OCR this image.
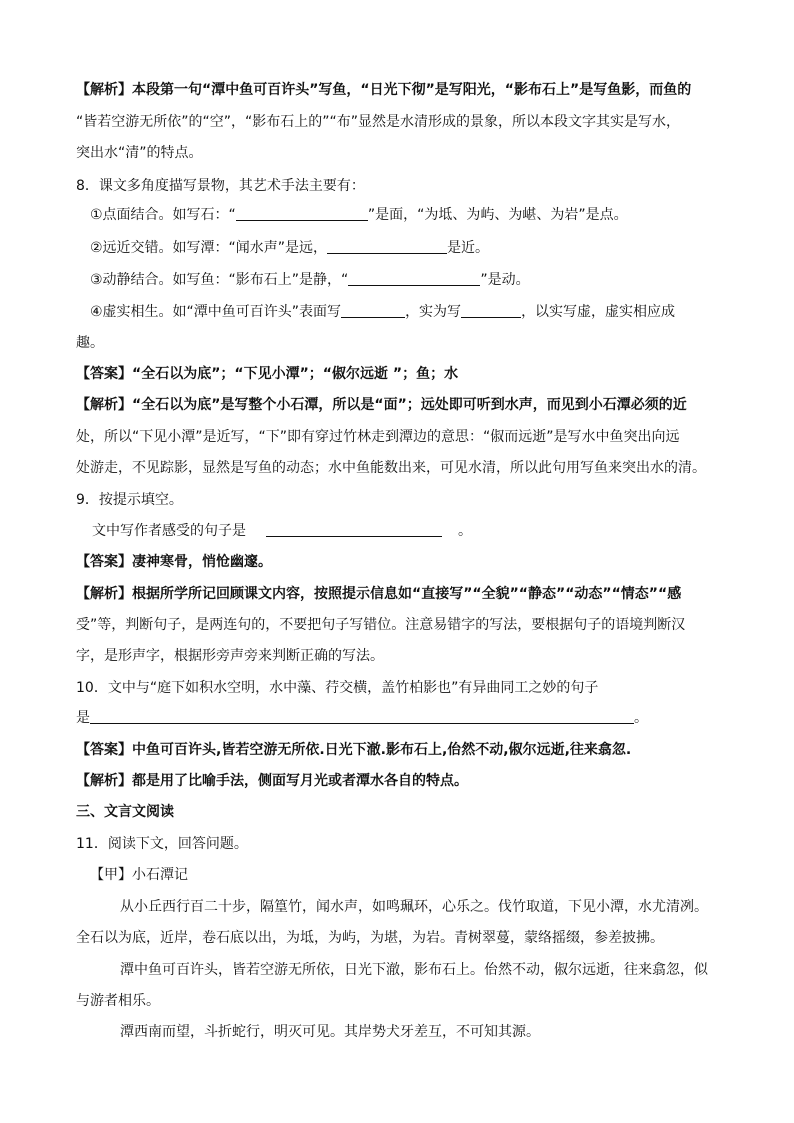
【解析】本段第一句“潭中鱼可百许头”写鱼，“日光下彻”是写阳光，“影布石上”是写鱼影，而鱼的
“皆若空游无所依”的“空”，“影布石上的”“布”显然是水清形成的景象，所以本段文字其实是写水，
突出水“清”的特点。
8．课文多角度描写景物，其艺术手法主要有：
①点面结合。如写石：“	”是面，“为坻、为屿、为嵁、为岩”是点。
②远近交错。如写潭：“闻水声”是远，	是近。
③动静结合。如写鱼：“影布石上”是静，“	”是动。
④虚实相生。如“潭中鱼可百许头”表面写	，实为写	，以实写虚，虚实相应成
趣。
【答案】“全石以为底”；“下见小潭”；“俶尔远逝 ”；鱼；水
【解析】“全石以为底”是写整个小石潭，所以是“面”；远处即可听到水声，而见到小石潭必须的近
处，所以“下见小潭”是近写，“下”即有穿过竹林走到潭边的意思：“俶而远逝”是写水中鱼突出向远
处游走，不见踪影，显然是写鱼的动态；水中鱼能数出来，可见水清，所以此句用写鱼来突出水的清。
9．按提示填空。
文中写作者感受的句子是	。
【答案】凄神寒骨，悄怆幽邃。
【解析】根据所学所记回顾课文内容，按照提示信息如“直接写”“全貌”“静态”“动态”“情态”“感
受”等，判断句子，是两连句的，不要把句子写错位。注意易错字的写法，要根据句子的语境判断汉
字，是形声字，根据形旁声旁来判断正确的写法。
10．文中与“庭下如积水空明，水中藻、荇交横，盖竹柏影也”有异曲同工之妙的句子
是	。
【答案】中鱼可百许头,皆若空游无所依.日光下澈.影布石上,佁然不动,俶尔远逝,往来翕忽.
【解析】都是用了比喻手法，侧面写月光或者潭水各自的特点。
三、文言文阅读
11．阅读下文，回答问题。
【甲】小石潭记
从小丘西行百二十步，隔篁竹，闻水声，如鸣珮环，心乐之。伐竹取道，下见小潭，水尤清冽。
全石以为底，近岸，卷石底以出，为坻，为屿，为堪，为岩。青树翠蔓，蒙络摇缀，参差披拂。
潭中鱼可百许头，皆若空游无所依，日光下澈，影布石上。佁然不动，俶尔远逝，往来翕忽，似
与游者相乐。
潭西南而望，斗折蛇行，明灭可见。其岸势犬牙差互，不可知其源。
